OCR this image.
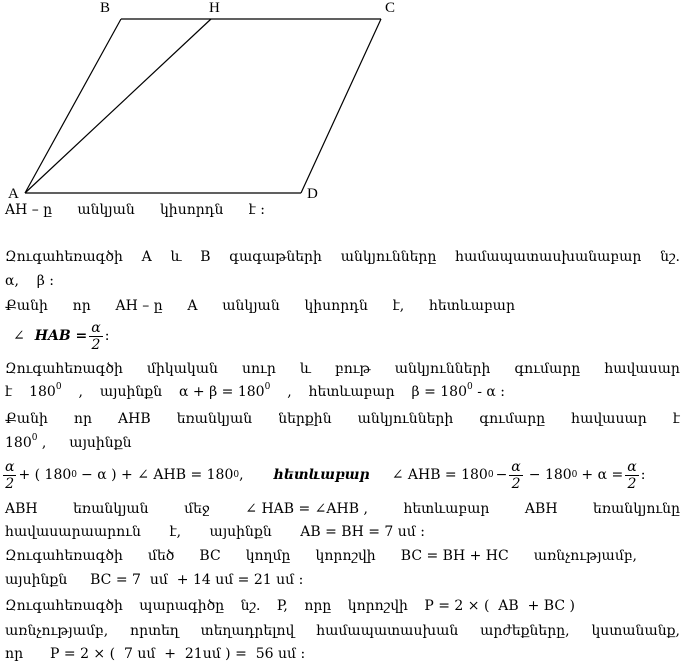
B	H	C
A	D
AH – ը անկյան կիսորդն է :
Զուգահեռագծի A և B գագաթների անկյունները համապատասխանաբար նշ.
α,    β :
Քանի որ AH – ը A անկյան կիսորդն է, հետևաբար
∠ HAB = $\frac{\alpha}{2}$ :
Զուգահեռագծի միկական սուր և բութ անկյունների գումարը հավասար
է $180^0$ , այսինքն $\alpha + \beta = 180^0$ , հետևաբար $\beta = 180^0 - \alpha$ :
Քանի որ AHB եռանկյան ներքին անկյունների գումարը հավասար է
$180^0$ , այսինքն
$\frac{\alpha}{2}$ + ( 180 0 − α ) + ∠ AHB = 180 0 , հետևաբար ∠ AHB = 180 $0 - \frac{\alpha}{2} - 180$ $0 + \alpha = \frac{\alpha}{2}$ :
ABH	եռանկյան	մեջ	∠ HAB = ∠AHB ,	հետևաբար	ABH	եռանկյունը
հավասարաարուն է, այսինքն AB = BH = 7 սմ :
Զուգահեռագծի մեծ BC կողմը կորոշվի BC = BH + HC առնչությամբ,
այսինքն BC = 7  սմ  + 14 սմ = 21 սմ :
Զուգահեռագծի պարագիծը նշ. P, որը կորոշվի P = 2 × (  AB  + BC )
առնչությամբ, որտեղ տեղադրելով համապատասխան արժեքները, կստանանք,
որ P = 2 × (  7 սմ  +  21սմ ) =  56 սմ :
